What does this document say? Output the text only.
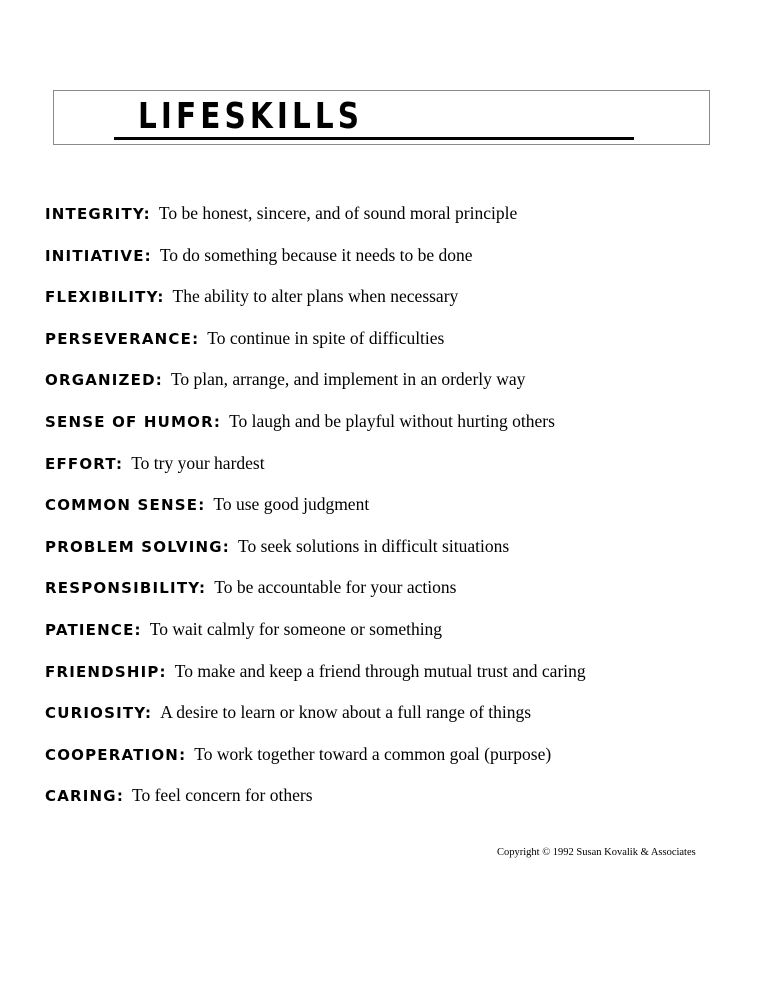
LIFESKILLS
INTEGRITY: To be honest, sincere, and of sound moral principle
INITIATIVE: To do something because it needs to be done
FLEXIBILITY: The ability to alter plans when necessary
PERSEVERANCE: To continue in spite of difficulties
ORGANIZED: To plan, arrange, and implement in an orderly way
SENSE OF HUMOR: To laugh and be playful without hurting others
EFFORT: To try your hardest
COMMON SENSE: To use good judgment
PROBLEM SOLVING: To seek solutions in difficult situations
RESPONSIBILITY: To be accountable for your actions
PATIENCE: To wait calmly for someone or something
FRIENDSHIP: To make and keep a friend through mutual trust and caring
CURIOSITY: A desire to learn or know about a full range of things
COOPERATION: To work together toward a common goal (purpose)
CARING: To feel concern for others
Copyright © 1992 Susan Kovalik & Associates
